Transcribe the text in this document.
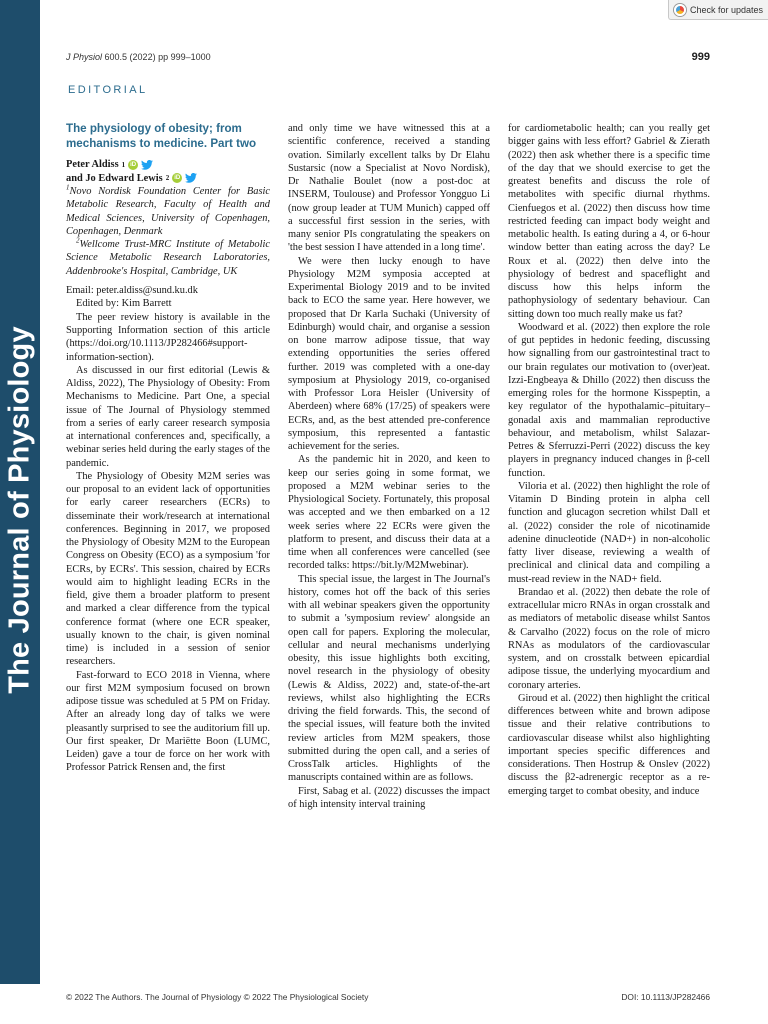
The Journal of Physiology
Check for updates
J Physiol 600.5 (2022) pp 999–1000	999
EDITORIAL
The physiology of obesity; from mechanisms to medicine. Part two
Peter Aldiss 1 iD
and Jo Edward Lewis 2 iD

$^1$Novo Nordisk Foundation Center for Basic Metabolic Research, Faculty of Health and Medical Sciences, University of Copenhagen, Copenhagen, Denmark

$^2$Wellcome Trust-MRC Institute of Metabolic Science Metabolic Research Laboratories, Addenbrooke's Hospital, Cambridge, UK

Email: peter.aldiss@sund.ku.dk

Edited by: Kim Barrett

The peer review history is available in the Supporting Information section of this article (https://doi.org/10.1113/JP282466#support-information-section).

As discussed in our first editorial (Lewis & Aldiss, 2022), The Physiology of Obesity: From Mechanisms to Medicine. Part One, a special issue of The Journal of Physiology stemmed from a series of early career research symposia at international conferences and, specifically, a webinar series held during the early stages of the pandemic.

The Physiology of Obesity M2M series was our proposal to an evident lack of opportunities for early career researchers (ECRs) to disseminate their work/research at international conferences. Beginning in 2017, we proposed the Physiology of Obesity M2M to the European Congress on Obesity (ECO) as a symposium 'for ECRs, by ECRs'. This session, chaired by ECRs would aim to highlight leading ECRs in the field, give them a broader platform to present and marked a clear difference from the typical conference format (where one ECR speaker, usually known to the chair, is given nominal time) is included in a session of senior researchers.

Fast-forward to ECO 2018 in Vienna, where our first M2M symposium focused on brown adipose tissue was scheduled at 5 PM on Friday. After an already long day of talks we were pleasantly surprised to see the auditorium fill up. Our first speaker, Dr Mariëtte Boon (LUMC, Leiden) gave a tour de force on her work with Professor Patrick Rensen and, the first

and only time we have witnessed this at a scientific conference, received a standing ovation. Similarly excellent talks by Dr Elahu Sustarsic (now a Specialist at Novo Nordisk), Dr Nathalie Boulet (now a post-doc at INSERM, Toulouse) and Professor Yongguo Li (now group leader at TUM Munich) capped off a successful first session in the series, with many senior PIs congratulating the speakers on 'the best session I have attended in a long time'.

We were then lucky enough to have Physiology M2M symposia accepted at Experimental Biology 2019 and to be invited back to ECO the same year. Here however, we proposed that Dr Karla Suchaki (University of Edinburgh) would chair, and organise a session on bone marrow adipose tissue, that way extending opportunities the series offered further. 2019 was completed with a one-day symposium at Physiology 2019, co-organised with Professor Lora Heisler (University of Aberdeen) where 68% (17/25) of speakers were ECRs, and, as the best attended pre-conference symposium, this represented a fantastic achievement for the series.

As the pandemic hit in 2020, and keen to keep our series going in some format, we proposed a M2M webinar series to the Physiological Society. Fortunately, this proposal was accepted and we then embarked on a 12 week series where 22 ECRs were given the platform to present, and discuss their data at a time when all conferences were cancelled (see recorded talks: https://bit.ly/M2Mwebinar).

This special issue, the largest in The Journal's history, comes hot off the back of this series with all webinar speakers given the opportunity to submit a 'symposium review' alongside an open call for papers. Exploring the molecular, cellular and neural mechanisms underlying obesity, this issue highlights both exciting, novel research in the physiology of obesity (Lewis & Aldiss, 2022) and, state-of-the-art reviews, whilst also highlighting the ECRs driving the field forwards. This, the second of the special issues, will feature both the invited review articles from M2M speakers, those submitted during the open call, and a series of CrossTalk articles. Highlights of the manuscripts contained within are as follows.

First, Sabag et al. (2022) discusses the impact of high intensity interval training

for cardiometabolic health; can you really get bigger gains with less effort? Gabriel & Zierath (2022) then ask whether there is a specific time of the day that we should exercise to get the greatest benefits and discuss the role of metabolites with specific diurnal rhythms. Cienfuegos et al. (2022) then discuss how time restricted feeding can impact body weight and metabolic health. Is eating during a 4, or 6-hour window better than eating across the day? Le Roux et al. (2022) then delve into the physiology of bedrest and spaceflight and discuss how this helps inform the pathophysiology of sedentary behaviour. Can sitting down too much really make us fat?

Woodward et al. (2022) then explore the role of gut peptides in hedonic feeding, discussing how signalling from our gastrointestinal tract to our brain regulates our motivation to (over)eat. Izzi-Engbeaya & Dhillo (2022) then discuss the emerging roles for the hormone Kisspeptin, a key regulator of the hypothalamic–pituitary–gonadal axis and mammalian reproductive behaviour, and metabolism, whilst Salazar-Petres & Sferruzzi-Perri (2022) discuss the key players in pregnancy induced changes in β-cell function.

Viloria et al. (2022) then highlight the role of Vitamin D Binding protein in alpha cell function and glucagon secretion whilst Dall et al. (2022) consider the role of nicotinamide adenine dinucleotide (NAD+) in non-alcoholic fatty liver disease, reviewing a wealth of preclinical and clinical data and compiling a must-read review in the NAD+ field.

Brandao et al. (2022) then debate the role of extracellular micro RNAs in organ crosstalk and as mediators of metabolic disease whilst Santos & Carvalho (2022) focus on the role of micro RNAs as modulators of the cardiovascular system, and on crosstalk between epicardial adipose tissue, the underlying myocardium and coronary arteries.

Giroud et al. (2022) then highlight the critical differences between white and brown adipose tissue and their relative contributions to cardiovascular disease whilst also highlighting important species specific differences and considerations. Then Hostrup & Onslev (2022) discuss the β2-adrenergic receptor as a re-emerging target to combat obesity, and induce

© 2022 The Authors. The Journal of Physiology © 2022 The Physiological Society	DOI: 10.1113/JP282466
